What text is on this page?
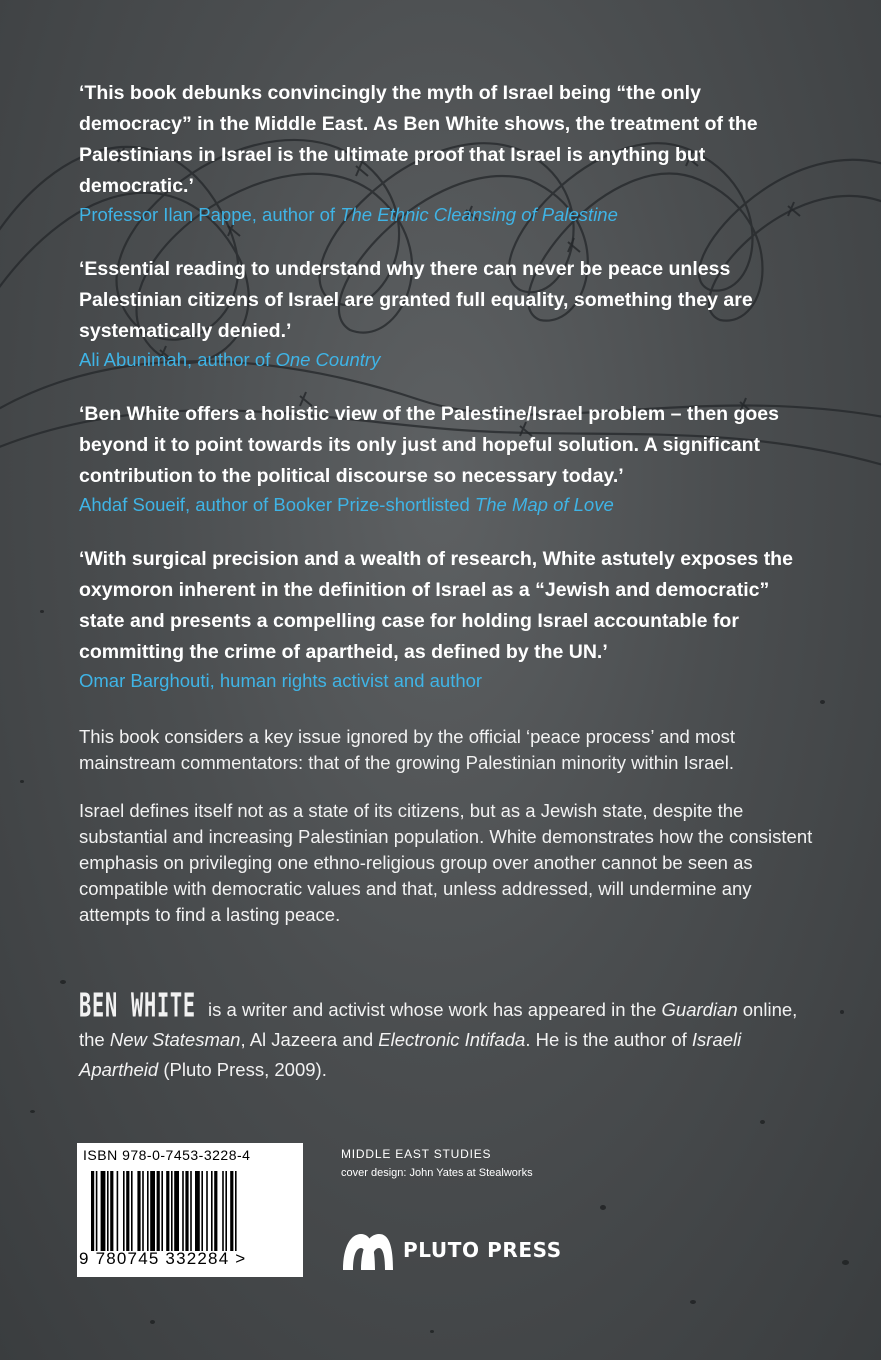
‘This book debunks convincingly the myth of Israel being “the only democracy” in the Middle East. As Ben White shows, the treatment of the Palestinians in Israel is the ultimate proof that Israel is anything but democratic.’
Professor Ilan Pappe, author of The Ethnic Cleansing of Palestine
‘Essential reading to understand why there can never be peace unless Palestinian citizens of Israel are granted full equality, something they are systematically denied.’
Ali Abunimah, author of One Country
‘Ben White offers a holistic view of the Palestine/Israel problem – then goes beyond it to point towards its only just and hopeful solution. A significant contribution to the political discourse so necessary today.’
Ahdaf Soueif, author of Booker Prize-shortlisted The Map of Love
‘With surgical precision and a wealth of research, White astutely exposes the oxymoron inherent in the definition of Israel as a “Jewish and democratic” state and presents a compelling case for holding Israel accountable for committing the crime of apartheid, as defined by the UN.’
Omar Barghouti, human rights activist and author

This book considers a key issue ignored by the official ‘peace process’ and most mainstream commentators: that of the growing Palestinian minority within Israel.

Israel defines itself not as a state of its citizens, but as a Jewish state, despite the substantial and increasing Palestinian population. White demonstrates how the consistent emphasis on privileging one ethno-religious group over another cannot be seen as compatible with democratic values and that, unless addressed, will undermine any attempts to find a lasting peace.

BEN WHITE is a writer and activist whose work has appeared in the Guardian online, the New Statesman, Al Jazeera and Electronic Intifada. He is the author of Israeli Apartheid (Pluto Press, 2009).
ISBN 978-0-7453-3228-4
9 780745 332284 >
MIDDLE EAST STUDIES
cover design: John Yates at Stealworks
PLUTO PRESS
